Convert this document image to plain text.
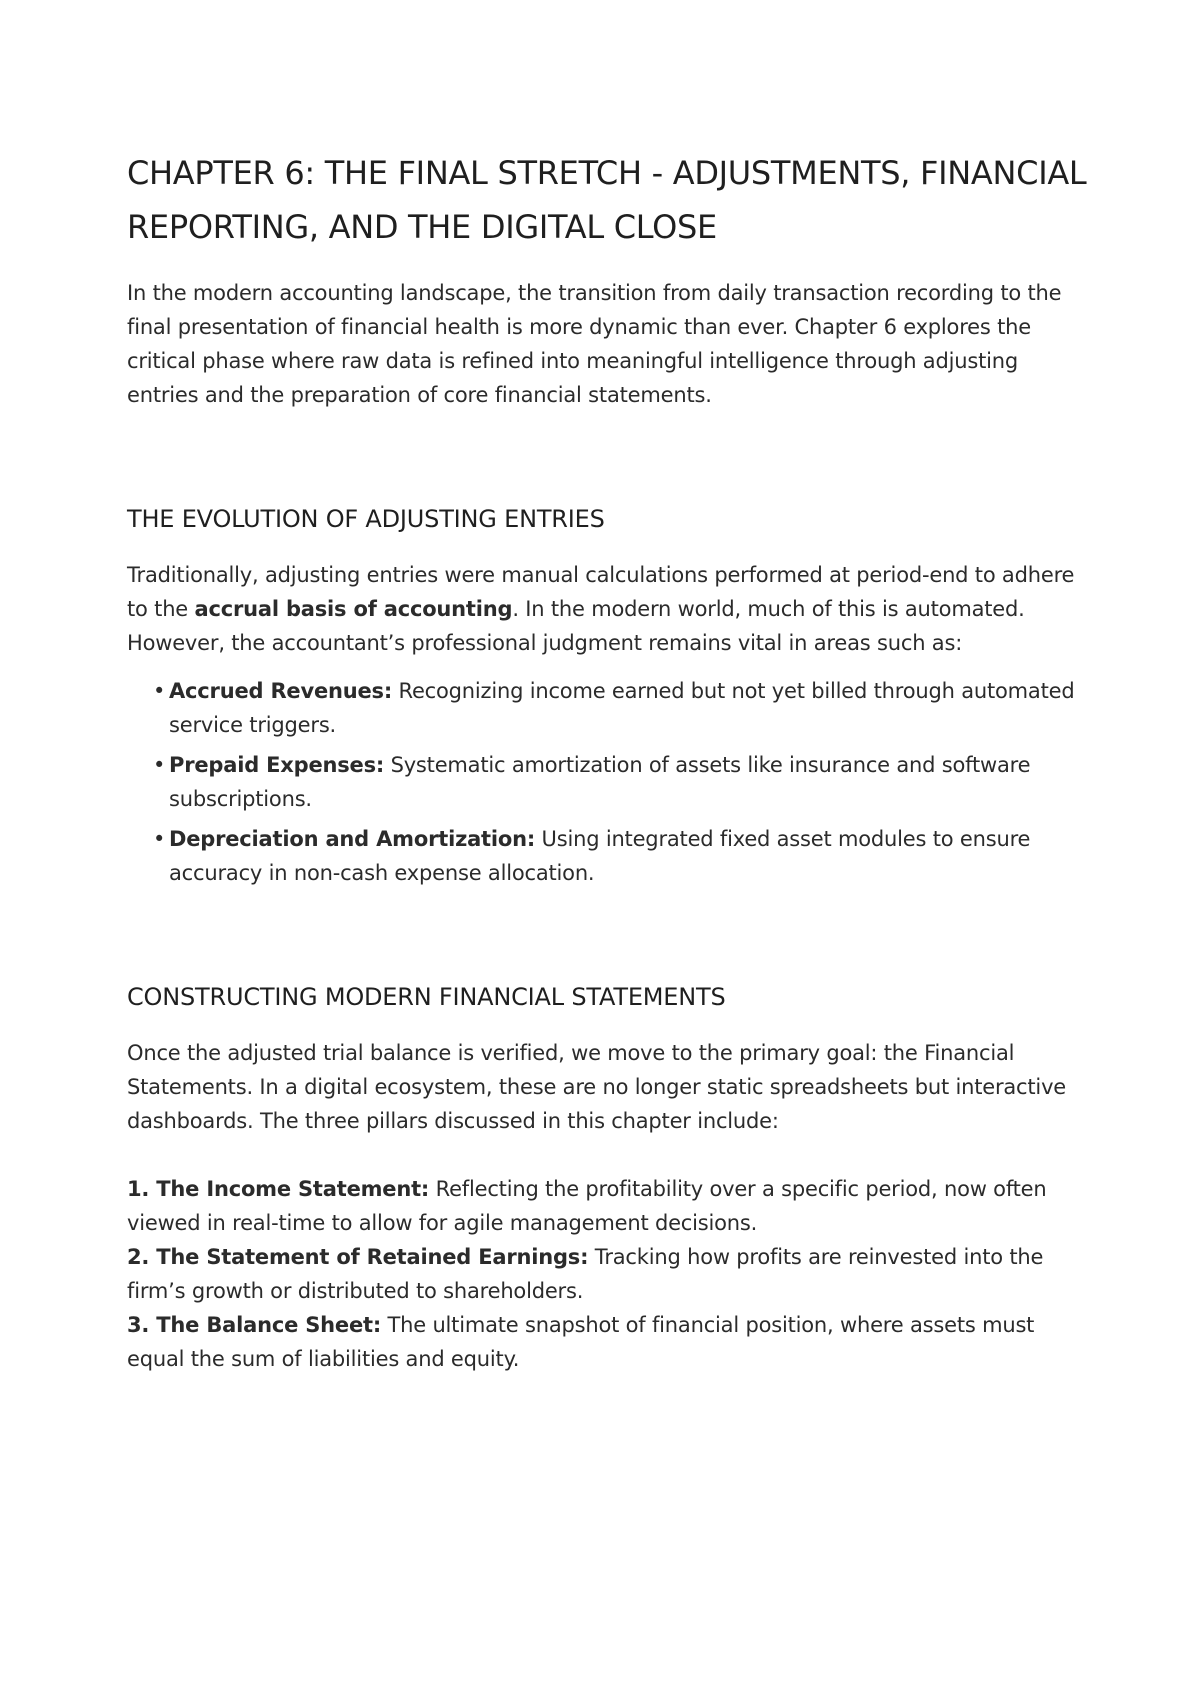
CHAPTER 6: THE FINAL STRETCH - ADJUSTMENTS, FINANCIAL REPORTING, AND THE DIGITAL CLOSE

In the modern accounting landscape, the transition from daily transaction recording to the final presentation of financial health is more dynamic than ever. Chapter 6 explores the critical phase where raw data is refined into meaningful intelligence through adjusting entries and the preparation of core financial statements.

THE EVOLUTION OF ADJUSTING ENTRIES

Traditionally, adjusting entries were manual calculations performed at period-end to adhere to the accrual basis of accounting. In the modern world, much of this is automated. However, the accountant’s professional judgment remains vital in areas such as:

• Accrued Revenues: Recognizing income earned but not yet billed through automated service triggers.
• Prepaid Expenses: Systematic amortization of assets like insurance and software subscriptions.
• Depreciation and Amortization: Using integrated fixed asset modules to ensure accuracy in non-cash expense allocation.
CONSTRUCTING MODERN FINANCIAL STATEMENTS

Once the adjusted trial balance is verified, we move to the primary goal: the Financial Statements. In a digital ecosystem, these are no longer static spreadsheets but interactive dashboards. The three pillars discussed in this chapter include:

1. The Income Statement: Reflecting the profitability over a specific period, now often viewed in real-time to allow for agile management decisions.
2. The Statement of Retained Earnings: Tracking how profits are reinvested into the firm’s growth or distributed to shareholders.
3. The Balance Sheet: The ultimate snapshot of financial position, where assets must equal the sum of liabilities and equity.
